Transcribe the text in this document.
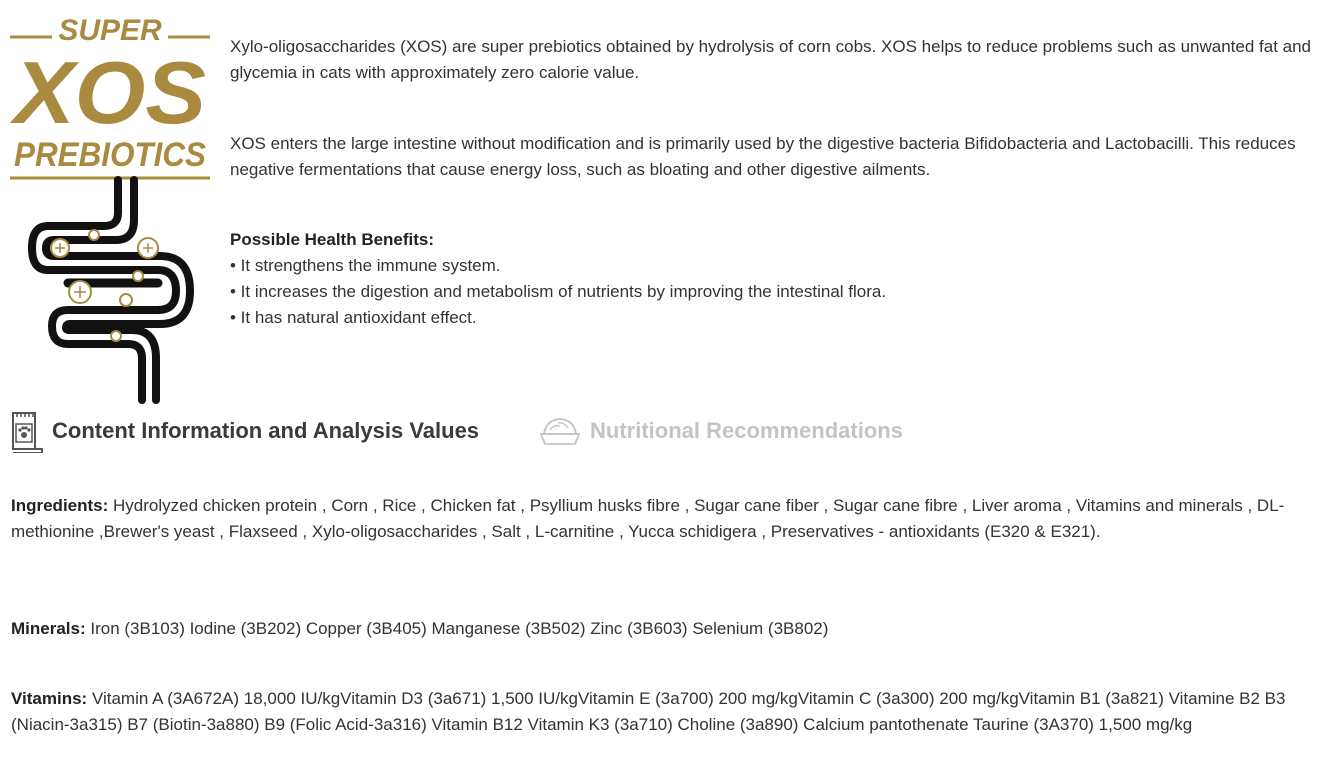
SUPER
XOS
PREBIOTICS

Xylo-oligosaccharides (XOS) are super prebiotics obtained by hydrolysis of corn cobs. XOS helps to reduce problems such as unwanted fat and glycemia in cats with approximately zero calorie value.

XOS enters the large intestine without modification and is primarily used by the digestive bacteria Bifidobacteria and Lactobacilli. This reduces negative fermentations that cause energy loss, such as bloating and other digestive ailments.

Possible Health Benefits:
• It strengthens the immune system.
• It increases the digestion and metabolism of nutrients by improving the intestinal flora.
• It has natural antioxidant effect.
Content Information and Analysis Values	Nutritional Recommendations
Ingredients: Hydrolyzed chicken protein , Corn , Rice , Chicken fat , Psyllium husks fibre , Sugar cane fiber , Sugar cane fibre , Liver aroma , Vitamins and minerals , DL- methionine ,Brewer's yeast , Flaxseed , Xylo-oligosaccharides , Salt , L-carnitine , Yucca schidigera , Preservatives - antioxidants (E320 & E321).
Minerals: Iron (3B103) Iodine (3B202) Copper (3B405) Manganese (3B502) Zinc (3B603) Selenium (3B802)
Vitamins: Vitamin A (3A672A) 18,000 IU/kgVitamin D3 (3a671) 1,500 IU/kgVitamin E (3a700) 200 mg/kgVitamin C (3a300) 200 mg/kgVitamin B1 (3a821) Vitamine B2 B3 (Niacin-3a315) B7 (Biotin-3a880) B9 (Folic Acid-3a316) Vitamin B12 Vitamin K3 (3a710) Choline (3a890) Calcium pantothenate Taurine (3A370) 1,500 mg/kg
